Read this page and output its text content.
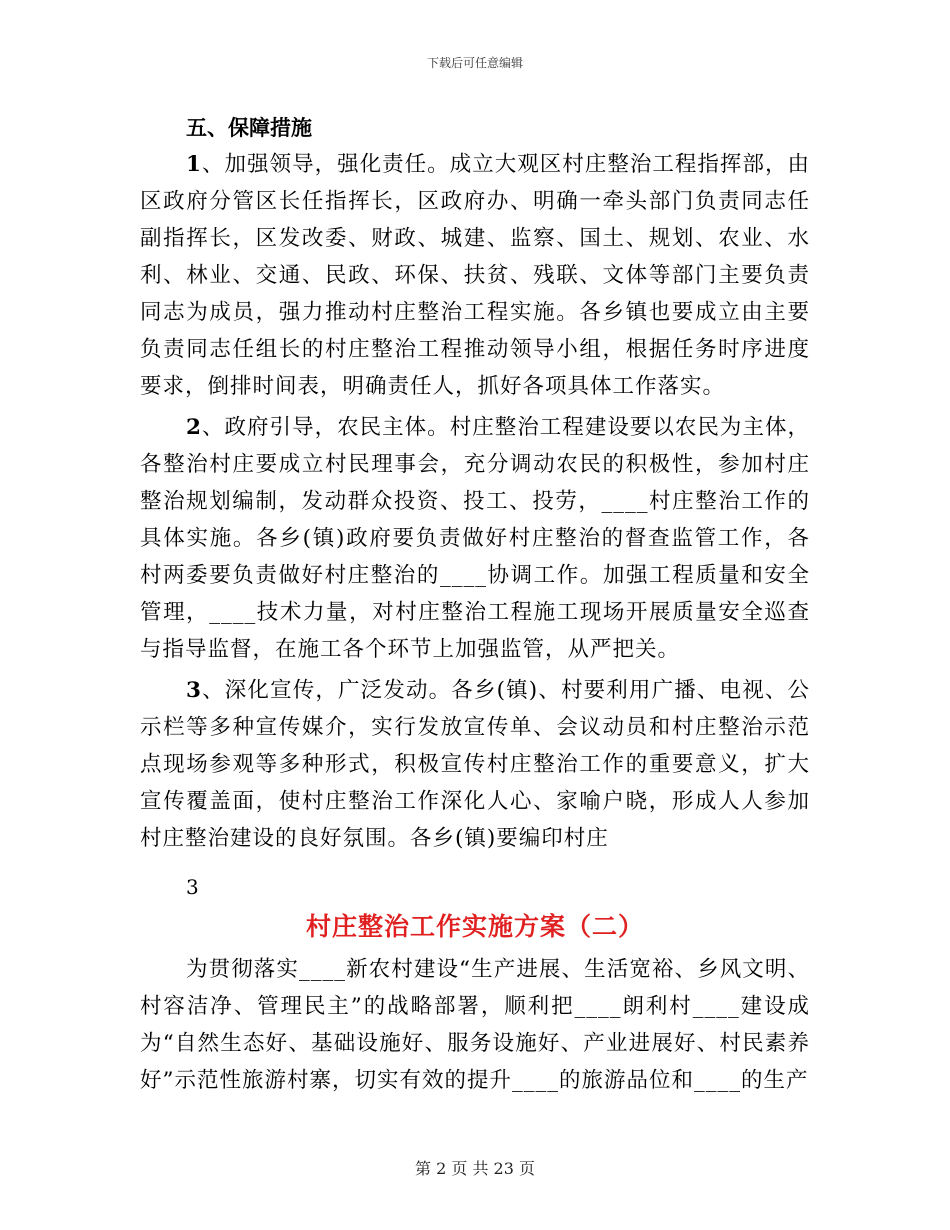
下载后可任意编辑

五、保障措施

1、加强领导，强化责任。成立大观区村庄整治工程指挥部，由区政府分管区长任指挥长，区政府办、明确一牵头部门负责同志任副指挥长，区发改委、财政、城建、监察、国土、规划、农业、水利、林业、交通、民政、环保、扶贫、残联、文体等部门主要负责同志为成员，强力推动村庄整治工程实施。各乡镇也要成立由主要负责同志任组长的村庄整治工程推动领导小组，根据任务时序进度要求，倒排时间表，明确责任人，抓好各项具体工作落实。

2、政府引导，农民主体。村庄整治工程建设要以农民为主体，各整治村庄要成立村民理事会，充分调动农民的积极性，参加村庄整治规划编制，发动群众投资、投工、投劳，____村庄整治工作的具体实施。各乡(镇)政府要负责做好村庄整治的督查监管工作，各村两委要负责做好村庄整治的____协调工作。加强工程质量和安全管理，____技术力量，对村庄整治工程施工现场开展质量安全巡查与指导监督，在施工各个环节上加强监管，从严把关。

3、深化宣传，广泛发动。各乡(镇)、村要利用广播、电视、公示栏等多种宣传媒介，实行发放宣传单、会议动员和村庄整治示范点现场参观等多种形式，积极宣传村庄整治工作的重要意义，扩大宣传覆盖面，使村庄整治工作深化人心、家喻户晓，形成人人参加村庄整治建设的良好氛围。各乡(镇)要编印村庄

3

村庄整治工作实施方案（二）

为贯彻落实____新农村建设“生产进展、生活宽裕、乡风文明、村容洁净、管理民主”的战略部署，顺利把____朗利村____建设成为“自然生态好、基础设施好、服务设施好、产业进展好、村民素养好”示范性旅游村寨，切实有效的提升____的旅游品位和____的生产

第 2 页 共 23 页
